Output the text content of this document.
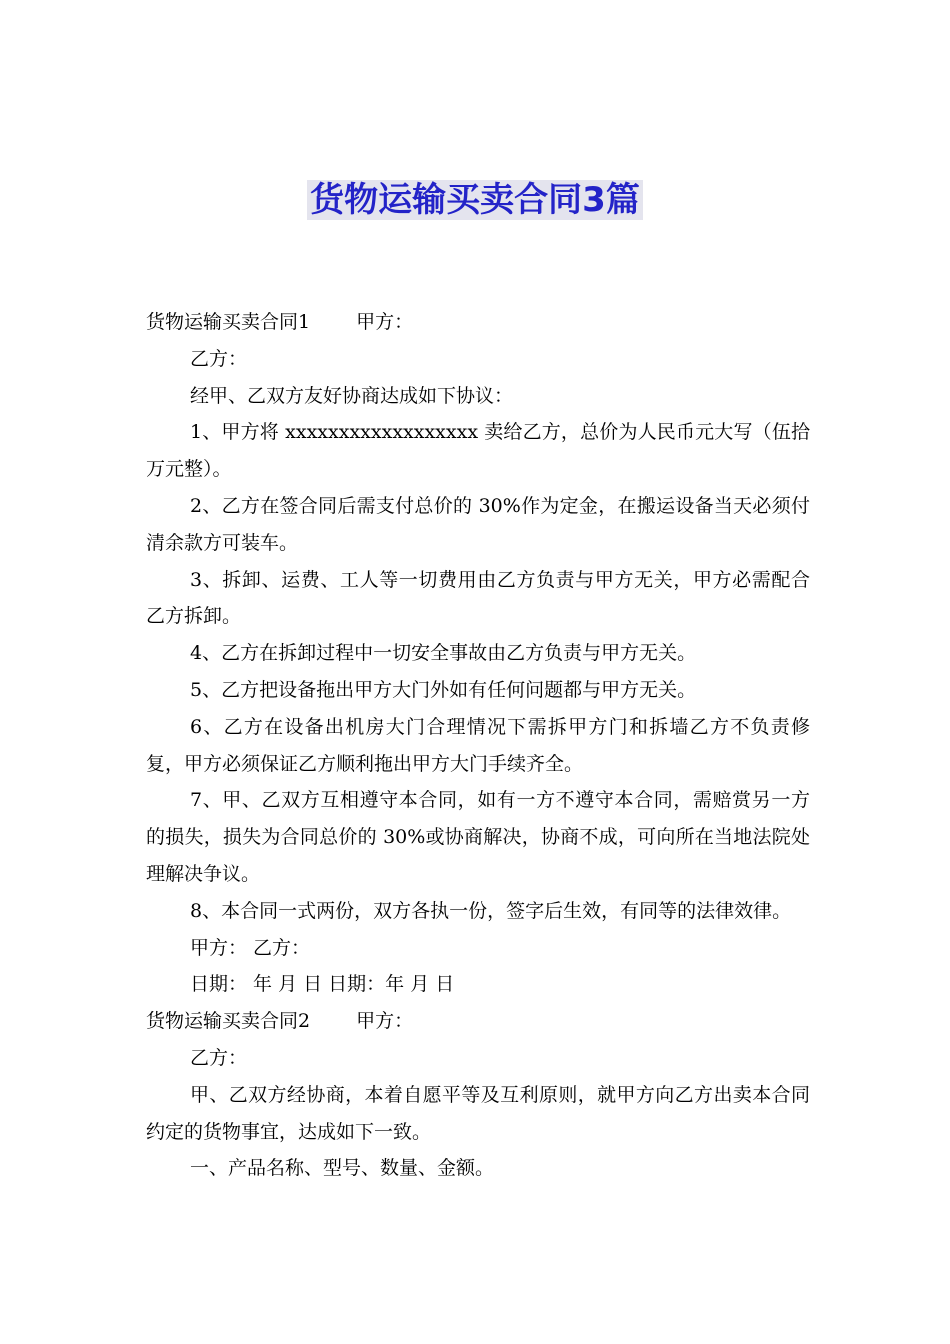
货物运输买卖合同3篇

货物运输买卖合同1 甲方：

乙方：

经甲、乙双方友好协商达成如下协议：

1、甲方将 xxxxxxxxxxxxxxxxxx 卖给乙方，总价为人民币元大写（伍拾万元整）。

2、乙方在签合同后需支付总价的 30%作为定金，在搬运设备当天必须付清余款方可装车。

3、拆卸、运费、工人等一切费用由乙方负责与甲方无关，甲方必需配合乙方拆卸。

4、乙方在拆卸过程中一切安全事故由乙方负责与甲方无关。

5、乙方把设备拖出甲方大门外如有任何问题都与甲方无关。

6、乙方在设备出机房大门合理情况下需拆甲方门和拆墙乙方不负责修复，甲方必须保证乙方顺利拖出甲方大门手续齐全。

7、甲、乙双方互相遵守本合同，如有一方不遵守本合同，需赔赏另一方的损失，损失为合同总价的 30%或协商解决，协商不成，可向所在当地法院处理解决争议。

8、本合同一式两份，双方各执一份，签字后生效，有同等的法律效律。

甲方： 乙方：

日期： 年 月 日 日期：年 月 日

货物运输买卖合同2 甲方：

乙方：

甲、乙双方经协商，本着自愿平等及互利原则，就甲方向乙方出卖本合同约定的货物事宜，达成如下一致。

一、产品名称、型号、数量、金额。
